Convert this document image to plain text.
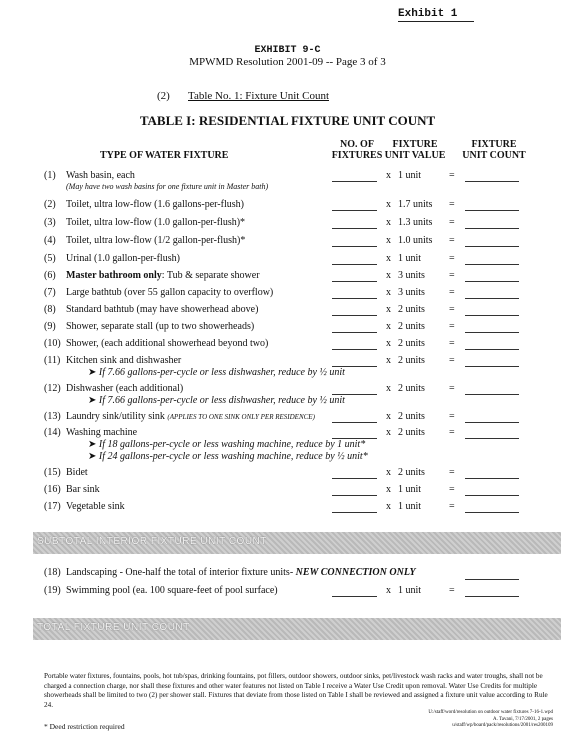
Exhibit 1
EXHIBIT 9-C
MPWMD Resolution 2001-09 -- Page 3 of 3
(2) Table No. 1: Fixture Unit Count
TABLE I: RESIDENTIAL FIXTURE UNIT COUNT
TYPE OF WATER FIXTURE
NO. OF
FIXTURES
FIXTURE
UNIT VALUE
FIXTURE
UNIT COUNT
(1) Wash basin, each	x 1 unit	=
(May have two wash basins for one fixture unit in Master bath)
(2) Toilet, ultra low-flow (1.6 gallons-per-flush)	x 1.7 units =
(3) Toilet, ultra low-flow (1.0 gallon-per-flush)*	x 1.3 units =
(4) Toilet, ultra low-flow (1/2 gallon-per-flush)*	x 1.0 units =
(5) Urinal (1.0 gallon-per-flush)	x 1 unit	=
(6) Master bathroom only: Tub & separate shower	x 3 units =
(7) Large bathtub (over 55 gallon capacity to overflow)	x 3 units =
(8) Standard bathtub (may have showerhead above)	x 2 units =
(9) Shower, separate stall (up to two showerheads)	x 2 units =
(10) Shower, (each additional showerhead beyond two)	x 2 units =
(11) Kitchen sink and dishwasher	x 2 units =
➤ If 7.66 gallons-per-cycle or less dishwasher, reduce by ½ unit
(12) Dishwasher (each additional)	x 2 units =
➤ If 7.66 gallons-per-cycle or less dishwasher, reduce by ½ unit
(13) Laundry sink/utility sink (APPLIES TO ONE SINK ONLY PER RESIDENCE)	x 2 units =
(14) Washing machine	x 2 units =
➤ If 18 gallons-per-cycle or less washing machine, reduce by 1 unit*
➤ If 24 gallons-per-cycle or less washing machine, reduce by ½ unit*
(15) Bidet	x 2 units =
(16) Bar sink	x 1 unit	=
(17) Vegetable sink	x 1 unit	=
SUBTOTAL INTERIOR FIXTURE UNIT COUNT
(18) Landscaping - One-half the total of interior fixture units- NEW CONNECTION ONLY
(19) Swimming pool (ea. 100 square-feet of pool surface)	x 1 unit	=
TOTAL FIXTURE UNIT COUNT
Portable water fixtures, fountains, pools, hot tub/spas, drinking fountains, pot fillers, outdoor showers, outdoor sinks, pet/livestock wash racks and water troughs, shall not be charged a connection charge, nor shall these fixtures and other water features not listed on Table I receive a Water Use Credit upon removal. Water Use Credits for multiple showerheads shall be limited to two (2) per shower stall. Fixtures that deviate from those listed on Table I shall be reviewed and assigned a fixture unit value according to Rule 24.
U:/staff/word/resolution on outdoor water fixtures 7-16-1.wpd
A. Tavani, 7/17/2001, 2 pages
u/staff/wp/board/pack/resolutions/2001/res200109
* Deed restriction required
